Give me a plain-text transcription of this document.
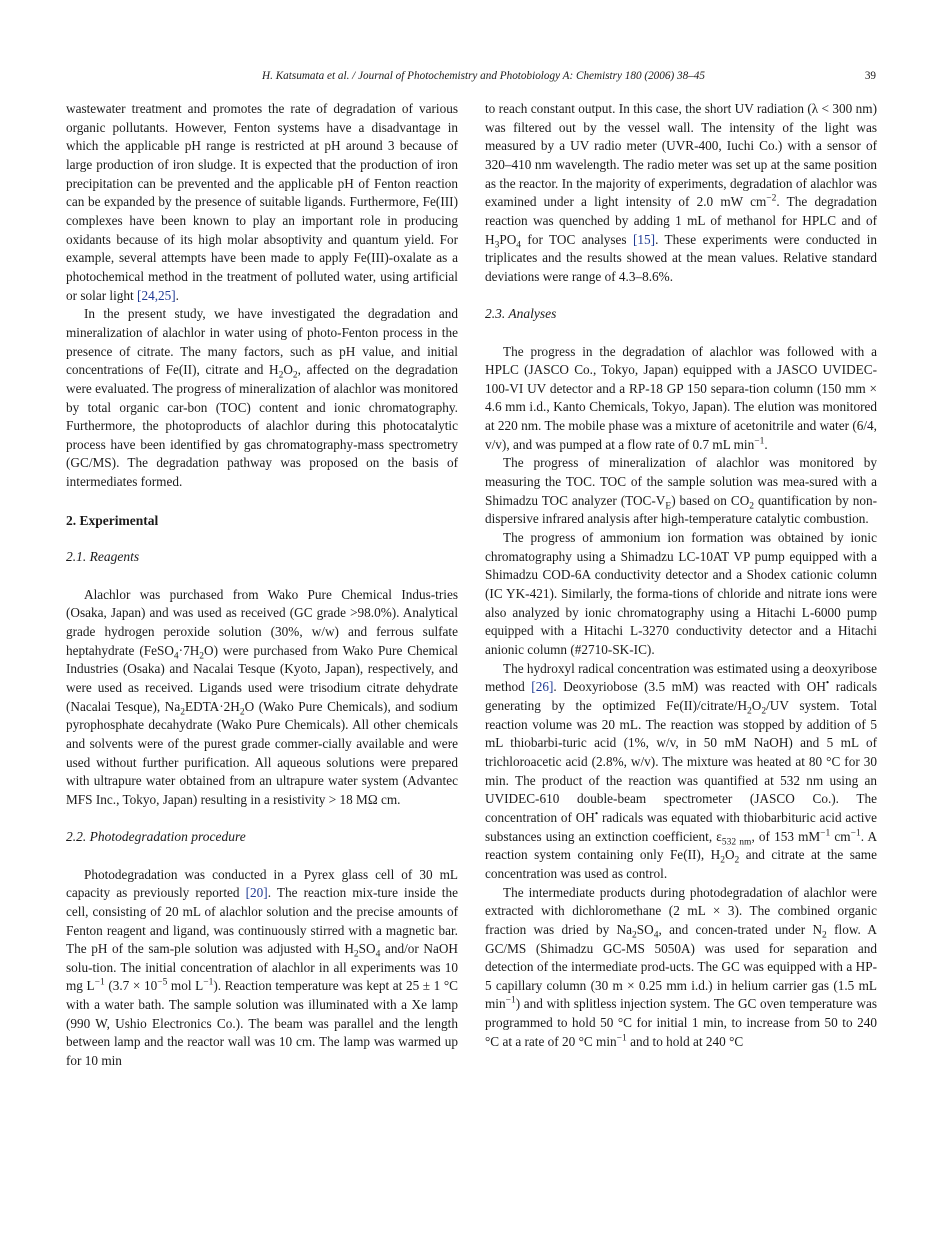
H. Katsumata et al. / Journal of Photochemistry and Photobiology A: Chemistry 180 (2006) 38–45	39

wastewater treatment and promotes the rate of degradation of various organic pollutants. However, Fenton systems have a disadvantage in which the applicable pH range is restricted at pH around 3 because of large production of iron sludge. It is expected that the production of iron precipitation can be prevented and the applicable pH of Fenton reaction can be expanded by the presence of suitable ligands. Furthermore, Fe(III) complexes have been known to play an important role in producing oxidants because of its high molar absoptivity and quantum yield. For example, several attempts have been made to apply Fe(III)-oxalate as a photochemical method in the treatment of polluted water, using artificial or solar light [24,25].

In the present study, we have investigated the degradation and mineralization of alachlor in water using of photo-Fenton process in the presence of citrate. The many factors, such as pH value, and initial concentrations of Fe(II), citrate and $H_2O_2$, affected on the degradation were evaluated. The progress of mineralization of alachlor was monitored by total organic car-bon (TOC) content and ionic chromatography. Furthermore, the photoproducts of alachlor during this photocatalytic process have been identified by gas chromatography-mass spectrometry (GC/MS). The degradation pathway was proposed on the basis of intermediates formed.

2. Experimental
2.1. Reagents

Alachlor was purchased from Wako Pure Chemical Indus-tries (Osaka, Japan) and was used as received (GC grade >98.0%). Analytical grade hydrogen peroxide solution (30%, w/w) and ferrous sulfate heptahydrate $(FeSO_4\cdot 7H_2O)$ were purchased from Wako Pure Chemical Industries (Osaka) and Nacalai Tesque (Kyoto, Japan), respectively, and were used as received. Ligands used were trisodium citrate dehydrate (Nacalai Tesque), $Na_2EDTA\cdot 2H_2O$ (Wako Pure Chemicals), and sodium pyrophosphate decahydrate (Wako Pure Chemicals). All other chemicals and solvents were of the purest grade commer-cially available and were used without further purification. All aqueous solutions were prepared with ultrapure water obtained from an ultrapure water system (Advantec MFS Inc., Tokyo, Japan) resulting in a resistivity > 18 MΩ cm.

2.2. Photodegradation procedure

Photodegradation was conducted in a Pyrex glass cell of 30 mL capacity as previously reported [20]. The reaction mix-ture inside the cell, consisting of 20 mL of alachlor solution and the precise amounts of Fenton reagent and ligand, was continuously stirred with a magnetic bar. The pH of the sam-ple solution was adjusted with $H_2SO_4$ and/or NaOH solu-tion. The initial concentration of alachlor in all experiments was 10 mg $L^{-1}$ ($3.7 \times 10^{-5}$ mol $L^{-1}$). Reaction temperature was kept at 25 ± 1 °C with a water bath. The sample solution was illuminated with a Xe lamp (990 W, Ushio Electronics Co.). The beam was parallel and the length between lamp and the reactor wall was 10 cm. The lamp was warmed up for 10 min

to reach constant output. In this case, the short UV radiation (λ < 300 nm) was filtered out by the vessel wall. The intensity of the light was measured by a UV radio meter (UVR-400, Iuchi Co.) with a sensor of 320–410 nm wavelength. The radio meter was set up at the same position as the reactor. In the majority of experiments, degradation of alachlor was examined under a light intensity of 2.0 mW $cm^{-2}$. The degradation reaction was quenched by adding 1 mL of methanol for HPLC and of $H_3PO_4$ for TOC analyses [15]. These experiments were conducted in triplicates and the results showed at the mean values. Relative standard deviations were range of 4.3–8.6%.

2.3. Analyses

The progress in the degradation of alachlor was followed with a HPLC (JASCO Co., Tokyo, Japan) equipped with a JASCO UVIDEC-100-VI UV detector and a RP-18 GP 150 separa-tion column (150 mm × 4.6 mm i.d., Kanto Chemicals, Tokyo, Japan). The elution was monitored at 220 nm. The mobile phase was a mixture of acetonitrile and water (6/4, v/v), and was pumped at a flow rate of 0.7 mL $\min^{-1}$.

The progress of mineralization of alachlor was monitored by measuring the TOC. TOC of the sample solution was mea-sured with a Shimadzu TOC analyzer $(TOC-V_E)$ based on $CO_2$ quantification by non-dispersive infrared analysis after high-temperature catalytic combustion.

The progress of ammonium ion formation was obtained by ionic chromatography using a Shimadzu LC-10AT VP pump equipped with a Shimadzu COD-6A conductivity detector and a Shodex cationic column (IC YK-421). Similarly, the forma-tions of chloride and nitrate ions were also analyzed by ionic chromatography using a Hitachi L-6000 pump equipped with a Hitachi L-3270 conductivity detector and a Hitachi anionic column (#2710-SK-IC).

The hydroxyl radical concentration was estimated using a deoxyribose method [26]. Deoxyriobose (3.5 mM) was reacted with OH• radicals generating by the optimized $Fe(II)/citrate/H_2O_2/UV$ system. Total reaction volume was 20 mL. The reaction was stopped by addition of 5 mL thiobarbi-turic acid (1%, w/v, in 50 mM NaOH) and 5 mL of trichloroacetic acid (2.8%, w/v). The mixture was heated at 80 °C for 30 min. The product of the reaction was quantified at 532 nm using an UVIDEC-610 double-beam spectrometer (JASCO Co.). The concentration of OH• radicals was equated with thiobarbituric acid active substances using an extinction coefficient, $\varepsilon_{532 nm}$, of 153 $mM^{-1}$ $cm^{-1}$. A reaction system containing only Fe(II), $H_2O_2$ and citrate at the same concentration was used as control.

The intermediate products during photodegradation of alachlor were extracted with dichloromethane (2 mL × 3). The combined organic fraction was dried by $Na_2SO_4$, and concen-trated under $N_2$ flow. A GC/MS (Shimadzu GC-MS 5050A) was used for separation and detection of the intermediate prod-ucts. The GC was equipped with a HP-5 capillary column (30 m × 0.25 mm i.d.) in helium carrier gas (1.5 mL $\min^{-1}$) and with splitless injection system. The GC oven temperature was programmed to hold 50 °C for initial 1 min, to increase from 50 to 240 °C at a rate of 20 °C $\min^{-1}$ and to hold at 240 °C
